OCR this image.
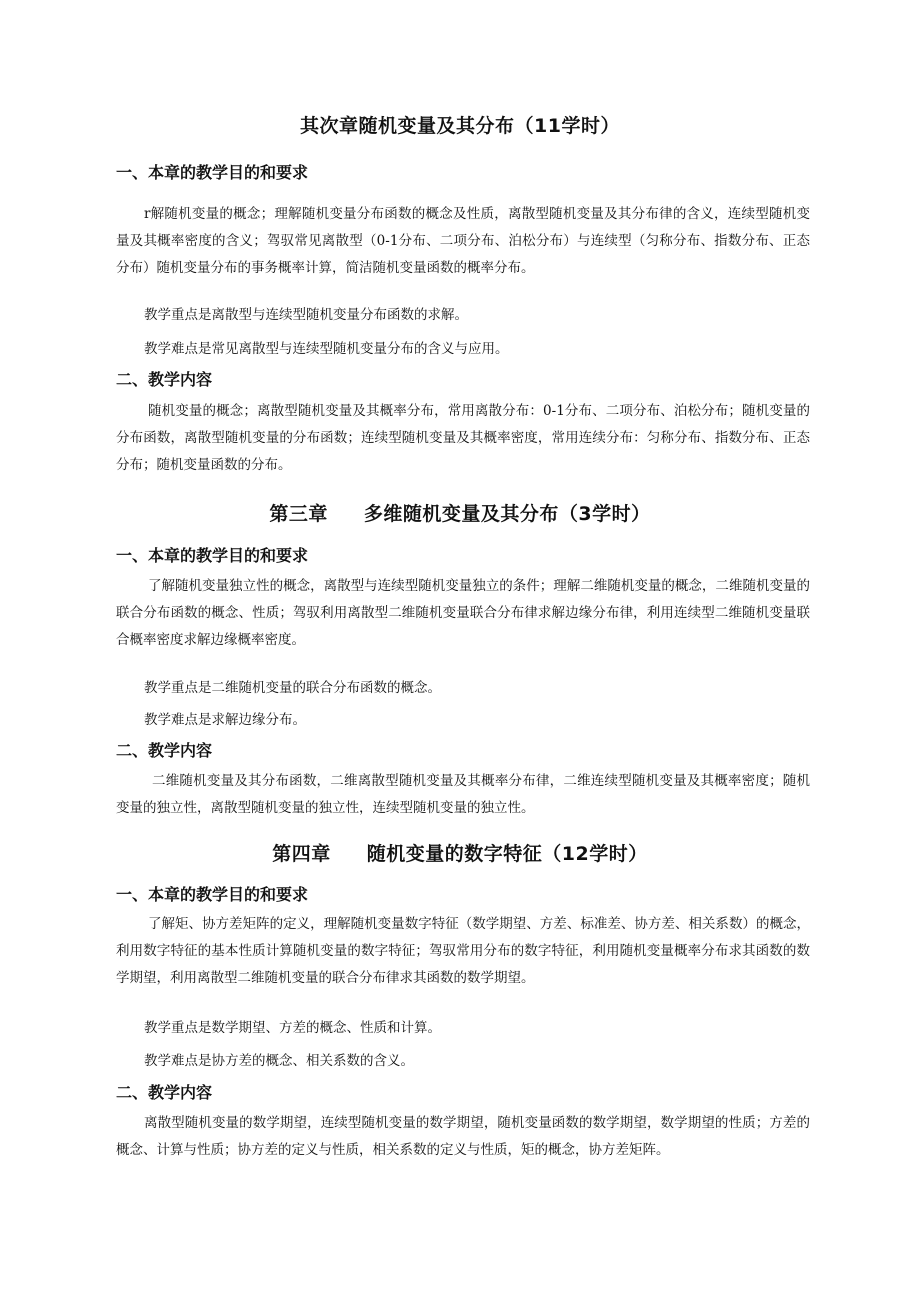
其次章随机变量及其分布（11学时）
一、本章的教学目的和要求
r解随机变量的概念；理解随机变量分布函数的概念及性质，离散型随机变量及其分布律的含义，连续型随机变量及其概率密度的含义；驾驭常见离散型（0-1分布、二项分布、泊松分布）与连续型（匀称分布、指数分布、正态分布）随机变量分布的事务概率计算，简洁随机变量函数的概率分布。
教学重点是离散型与连续型随机变量分布函数的求解。
教学难点是常见离散型与连续型随机变量分布的含义与应用。
二、教学内容
随机变量的概念；离散型随机变量及其概率分布，常用离散分布：0-1分布、二项分布、泊松分布；随机变量的分布函数，离散型随机变量的分布函数；连续型随机变量及其概率密度，常用连续分布：匀称分布、指数分布、正态分布；随机变量函数的分布。
第三章 多维随机变量及其分布（3学时）
一、本章的教学目的和要求
了解随机变量独立性的概念，离散型与连续型随机变量独立的条件；理解二维随机变量的概念，二维随机变量的联合分布函数的概念、性质；驾驭利用离散型二维随机变量联合分布律求解边缘分布律，利用连续型二维随机变量联合概率密度求解边缘概率密度。
教学重点是二维随机变量的联合分布函数的概念。
教学难点是求解边缘分布。
二、教学内容
二维随机变量及其分布函数，二维离散型随机变量及其概率分布律，二维连续型随机变量及其概率密度；随机变量的独立性，离散型随机变量的独立性，连续型随机变量的独立性。
第四章 随机变量的数字特征（12学时）
一、本章的教学目的和要求
了解矩、协方差矩阵的定义，理解随机变量数字特征（数学期望、方差、标准差、协方差、相关系数）的概念，利用数字特征的基本性质计算随机变量的数字特征；驾驭常用分布的数字特征，利用随机变量概率分布求其函数的数学期望，利用离散型二维随机变量的联合分布律求其函数的数学期望。
教学重点是数学期望、方差的概念、性质和计算。
教学难点是协方差的概念、相关系数的含义。
二、教学内容
离散型随机变量的数学期望，连续型随机变量的数学期望，随机变量函数的数学期望，数学期望的性质；方差的概念、计算与性质；协方差的定义与性质，相关系数的定义与性质，矩的概念，协方差矩阵。
